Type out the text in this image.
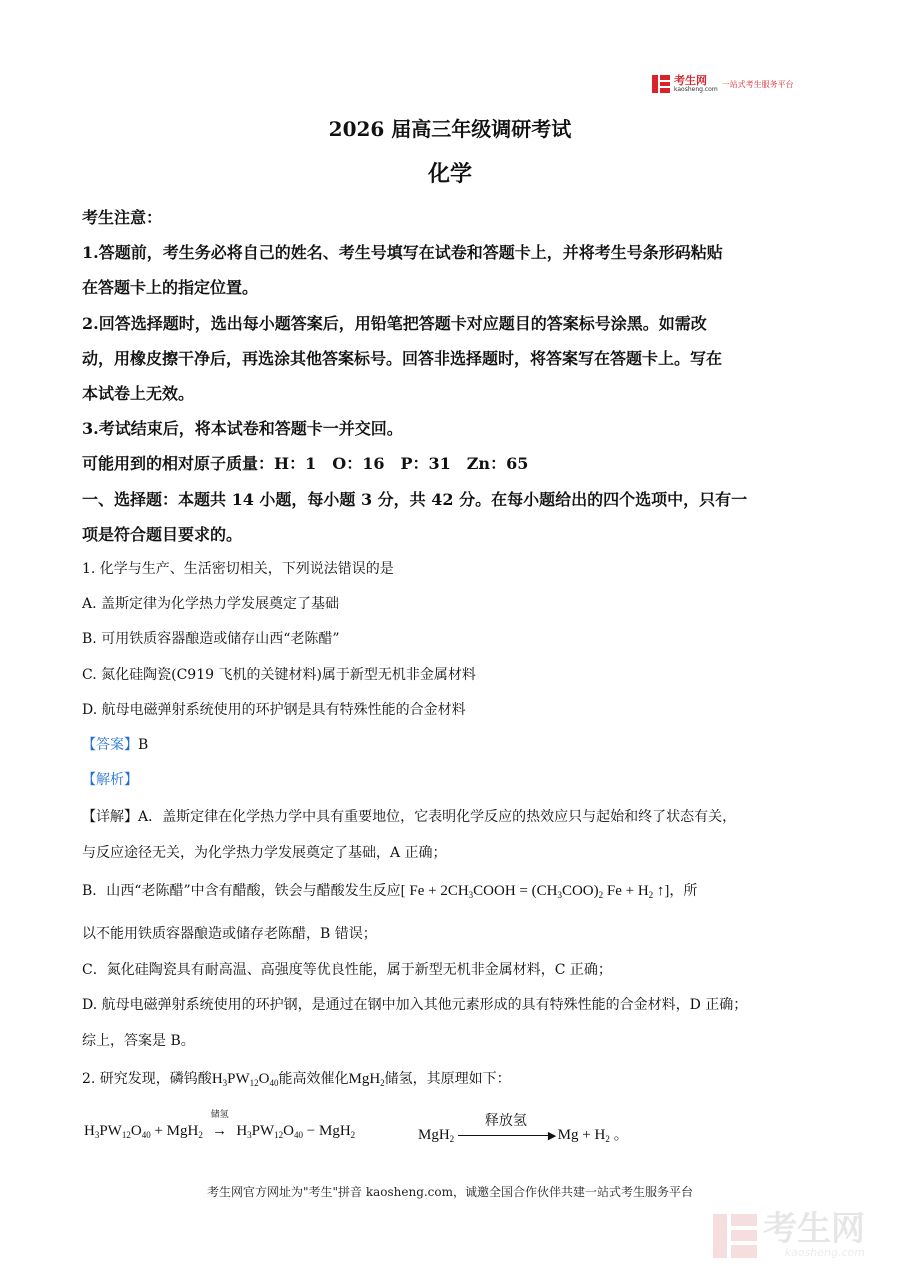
考生网
kaosheng.com
一站式考生服务平台
2026 届高三年级调研考试
化学
考生注意：
1.答题前，考生务必将自己的姓名、考生号填写在试卷和答题卡上，并将考生号条形码粘贴
在答题卡上的指定位置。
2.回答选择题时，选出每小题答案后，用铅笔把答题卡对应题目的答案标号涂黑。如需改
动，用橡皮擦干净后，再选涂其他答案标号。回答非选择题时，将答案写在答题卡上。写在
本试卷上无效。
3.考试结束后，将本试卷和答题卡一并交回。
可能用到的相对原子质量：H：1　O：16　P：31　Zn：65
一、选择题：本题共 14 小题，每小题 3 分，共 42 分。在每小题给出的四个选项中，只有一
项是符合题目要求的。
1. 化学与生产、生活密切相关，下列说法错误的是
A. 盖斯定律为化学热力学发展奠定了基础
B. 可用铁质容器酿造或储存山西“老陈醋”
C. 氮化硅陶瓷(C919 飞机的关键材料)属于新型无机非金属材料
D. 航母电磁弹射系统使用的环护钢是具有特殊性能的合金材料
【答案】B
【解析】
【详解】A．盖斯定律在化学热力学中具有重要地位，它表明化学反应的热效应只与起始和终了状态有关，
与反应途径无关，为化学热力学发展奠定了基础，A 正确；
B．山西“老陈醋”中含有醋酸，铁会与醋酸发生反应[ $Fe + 2CH_3COOH = (CH_3COO)_2$ $Fe + H_2$ ↑]，所
以不能用铁质容器酿造或储存老陈醋，B 错误；
C．氮化硅陶瓷具有耐高温、高强度等优良性能，属于新型无机非金属材料，C 正确；
D. 航母电磁弹射系统使用的环护钢，是通过在钢中加入其他元素形成的具有特殊性能的合金材料，D 正确；
综上，答案是 B。
2. 研究发现，磷钨酸$H_3PW_{12}O_{40}$能高效催化MgH$_2$储氢，其原理如下：
$H_3PW_{12}O_{40} + MgH_2$
储氢
→ $H_3PW_{12}O_{40} - MgH_2$	MgH$_2$
释放氢
▶ $Mg + H_2$ 。
考生网官方网址为"考生"拼音 kaosheng.com，诚邀全国合作伙伴共建一站式考生服务平台
考生网
kaosheng.com
